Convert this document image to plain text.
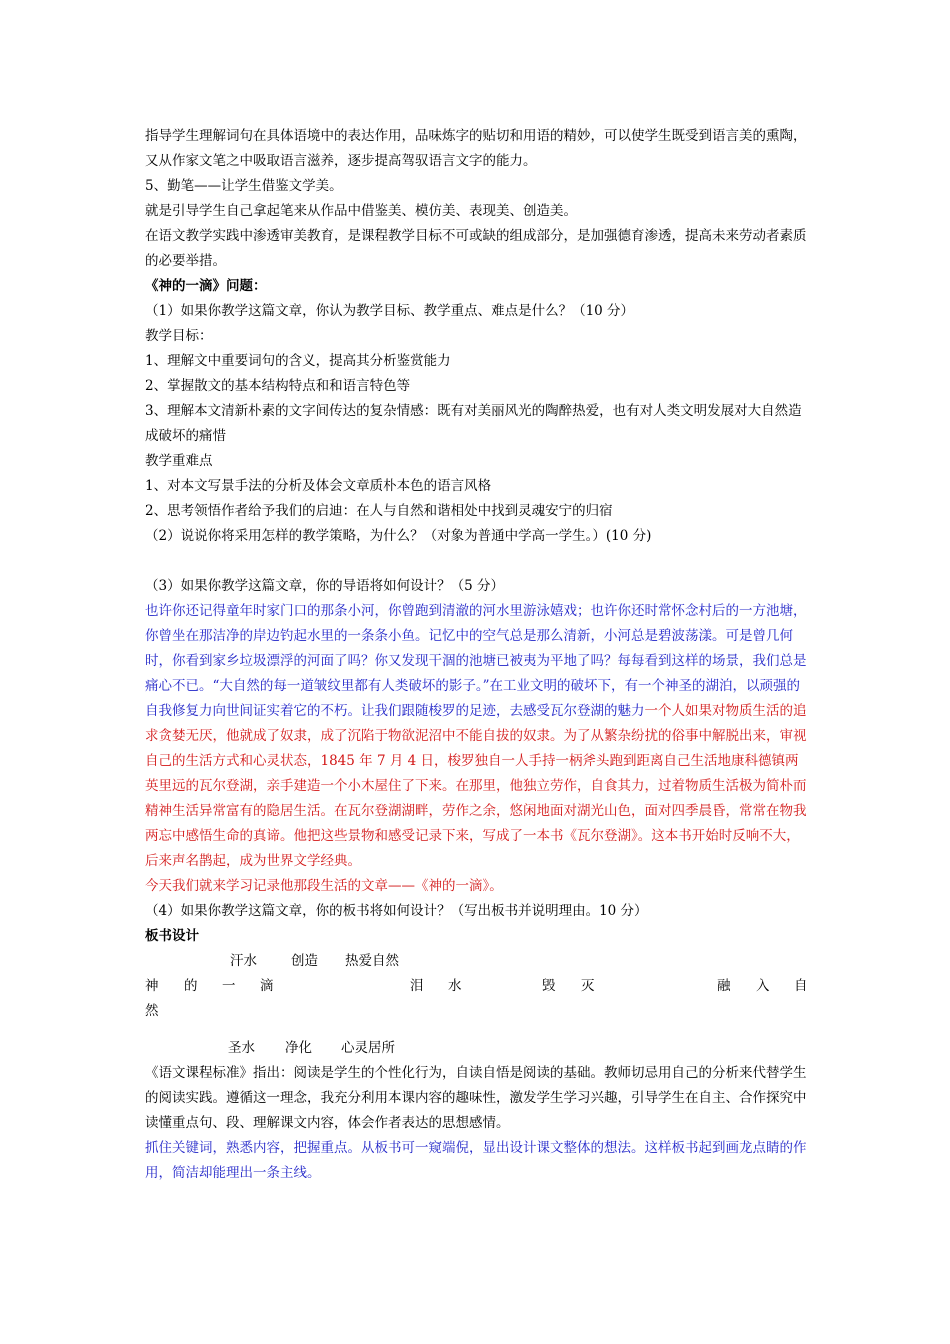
指导学生理解词句在具体语境中的表达作用，品味炼字的贴切和用语的精妙，可以使学生既受到语言美的熏陶，又从作家文笔之中吸取语言滋养，逐步提高驾驭语言文字的能力。

5、勤笔——让学生借鉴文学美。

就是引导学生自己拿起笔来从作品中借鉴美、模仿美、表现美、创造美。

在语文教学实践中渗透审美教育，是课程教学目标不可或缺的组成部分，是加强德育渗透，提高未来劳动者素质的必要举措。

《神的一滴》问题：

（1）如果你教学这篇文章，你认为教学目标、教学重点、难点是什么？（10 分）

教学目标：

1、理解文中重要词句的含义，提高其分析鉴赏能力

2、掌握散文的基本结构特点和和语言特色等

3、理解本文清新朴素的文字间传达的复杂情感：既有对美丽风光的陶醉热爱，也有对人类文明发展对大自然造成破坏的痛惜

教学重难点

1、对本文写景手法的分析及体会文章质朴本色的语言风格

2、思考领悟作者给予我们的启迪：在人与自然和谐相处中找到灵魂安宁的归宿

（2）说说你将采用怎样的教学策略，为什么？（对象为普通中学高一学生。）(10 分)

（3）如果你教学这篇文章，你的导语将如何设计？（5 分）

也许你还记得童年时家门口的那条小河，你曾跑到清澈的河水里游泳嬉戏；也许你还时常怀念村后的一方池塘，你曾坐在那洁净的岸边钓起水里的一条条小鱼。记忆中的空气总是那么清新，小河总是碧波荡漾。可是曾几何时，你看到家乡垃圾漂浮的河面了吗？你又发现干涸的池塘已被夷为平地了吗？每每看到这样的场景，我们总是痛心不已。“大自然的每一道皱纹里都有人类破坏的影子。”在工业文明的破坏下，有一个神圣的湖泊，以顽强的自我修复力向世间证实着它的不朽。让我们跟随梭罗的足迹，去感受瓦尔登湖的魅力一个人如果对物质生活的追求贪婪无厌，他就成了奴隶，成了沉陷于物欲泥沼中不能自拔的奴隶。为了从繁杂纷扰的俗事中解脱出来，审视自己的生活方式和心灵状态，1845 年 7 月 4 日，梭罗独自一人手持一柄斧头跑到距离自己生活地康科德镇两英里远的瓦尔登湖，亲手建造一个小木屋住了下来。在那里，他独立劳作，自食其力，过着物质生活极为简朴而精神生活异常富有的隐居生活。在瓦尔登湖湖畔，劳作之余，悠闲地面对湖光山色，面对四季晨昏，常常在物我两忘中感悟生命的真谛。他把这些景物和感受记录下来，写成了一本书《瓦尔登湖》。这本书开始时反响不大，后来声名鹊起，成为世界文学经典。

今天我们就来学习记录他那段生活的文章——《神的一滴》。

（4）如果你教学这篇文章，你的板书将如何设计？（写出板书并说明理由。10 分）

板书设计

汗水	创造 热爱自然
神 的 一 滴	泪 水	毁 灭	融 入 自

然

圣水 净化 心灵居所

《语文课程标准》指出：阅读是学生的个性化行为，自读自悟是阅读的基础。教师切忌用自己的分析来代替学生的阅读实践。遵循这一理念，我充分利用本课内容的趣味性，激发学生学习兴趣，引导学生在自主、合作探究中读懂重点句、段、理解课文内容，体会作者表达的思想感情。

抓住关键词，熟悉内容，把握重点。从板书可一窥端倪，显出设计课文整体的想法。这样板书起到画龙点睛的作用，简洁却能理出一条主线。
